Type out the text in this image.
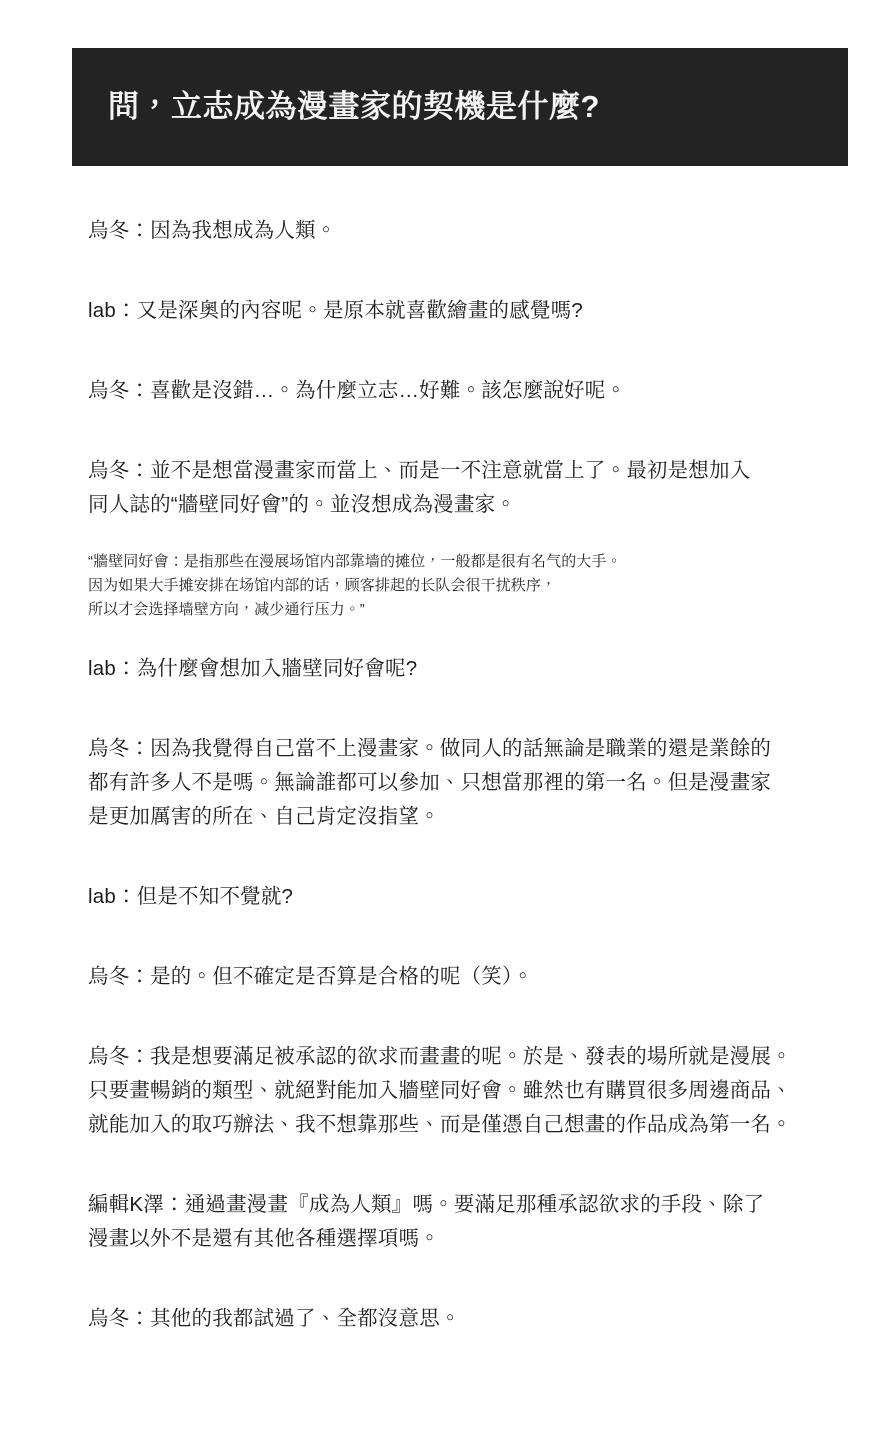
問，立志成為漫畫家的契機是什麼?

烏冬：因為我想成為人類。

lab：又是深奧的內容呢。是原本就喜歡繪畫的感覺嗎?

烏冬：喜歡是沒錯…。為什麼立志…好難。該怎麼說好呢。

烏冬：並不是想當漫畫家而當上、而是一不注意就當上了。最初是想加入

同人誌的“牆壁同好會”的。並沒想成為漫畫家。

“牆壁同好會：是指那些在漫展场馆内部靠墙的摊位，一般都是很有名气的大手。

因为如果大手摊安排在场馆内部的话，顾客排起的长队会很干扰秩序，

所以才会选择墙壁方向，减少通行压力。”

lab：為什麼會想加入牆壁同好會呢?

烏冬：因為我覺得自己當不上漫畫家。做同人的話無論是職業的還是業餘的

都有許多人不是嗎。無論誰都可以參加、只想當那裡的第一名。但是漫畫家

是更加厲害的所在、自己肯定沒指望。

lab：但是不知不覺就?

烏冬：是的。但不確定是否算是合格的呢（笑）。

烏冬：我是想要滿足被承認的欲求而畫畫的呢。於是、發表的場所就是漫展。

只要畫暢銷的類型、就絕對能加入牆壁同好會。雖然也有購買很多周邊商品、

就能加入的取巧辦法、我不想靠那些、而是僅憑自己想畫的作品成為第一名。

編輯K澤：通過畫漫畫『成為人類』嗎。要滿足那種承認欲求的手段、除了

漫畫以外不是還有其他各種選擇項嗎。

烏冬：其他的我都試過了、全都沒意思。
